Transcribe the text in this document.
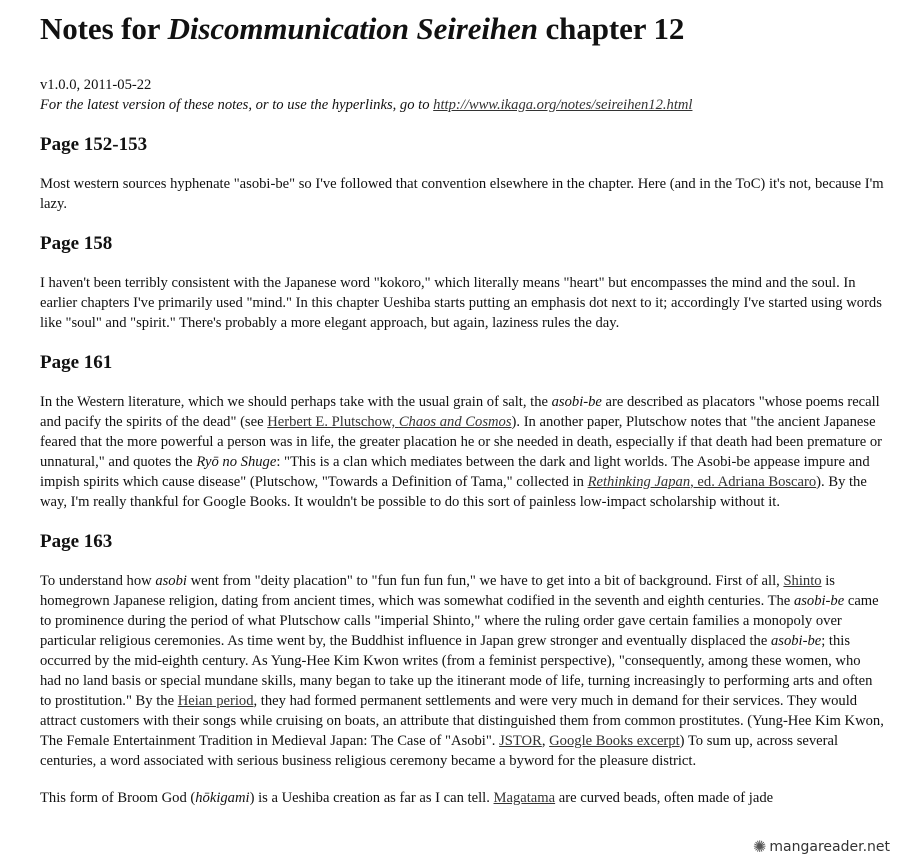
Notes for Discommunication Seireihen chapter 12
v1.0.0, 2011-05-22
For the latest version of these notes, or to use the hyperlinks, go to http://www.ikaga.org/notes/seireihen12.html
Page 152-153

Most western sources hyphenate "asobi-be" so I've followed that convention elsewhere in the chapter. Here (and in the ToC) it's not, because I'm lazy.

Page 158

I haven't been terribly consistent with the Japanese word "kokoro," which literally means "heart" but encompasses the mind and the soul. In earlier chapters I've primarily used "mind." In this chapter Ueshiba starts putting an emphasis dot next to it; accordingly I've started using words like "soul" and "spirit." There's probably a more elegant approach, but again, laziness rules the day.

Page 161

In the Western literature, which we should perhaps take with the usual grain of salt, the asobi-be are described as placators "whose poems recall and pacify the spirits of the dead" (see Herbert E. Plutschow, Chaos and Cosmos). In another paper, Plutschow notes that "the ancient Japanese feared that the more powerful a person was in life, the greater placation he or she needed in death, especially if that death had been premature or unnatural," and quotes the Ryō no Shuge: "This is a clan which mediates between the dark and light worlds. The Asobi-be appease impure and impish spirits which cause disease" (Plutschow, "Towards a Definition of Tama," collected in Rethinking Japan, ed. Adriana Boscaro). By the way, I'm really thankful for Google Books. It wouldn't be possible to do this sort of painless low-impact scholarship without it.

Page 163

To understand how asobi went from "deity placation" to "fun fun fun fun," we have to get into a bit of background. First of all, Shinto is homegrown Japanese religion, dating from ancient times, which was somewhat codified in the seventh and eighth centuries. The asobi-be came to prominence during the period of what Plutschow calls "imperial Shinto," where the ruling order gave certain families a monopoly over particular religious ceremonies. As time went by, the Buddhist influence in Japan grew stronger and eventually displaced the asobi-be; this occurred by the mid-eighth century. As Yung-Hee Kim Kwon writes (from a feminist perspective), "consequently, among these women, who had no land basis or special mundane skills, many began to take up the itinerant mode of life, turning increasingly to performing arts and often to prostitution." By the Heian period, they had formed permanent settlements and were very much in demand for their services. They would attract customers with their songs while cruising on boats, an attribute that distinguished them from common prostitutes. (Yung-Hee Kim Kwon, The Female Entertainment Tradition in Medieval Japan: The Case of "Asobi". JSTOR, Google Books excerpt) To sum up, across several centuries, a word associated with serious business religious ceremony became a byword for the pleasure district.

This form of Broom God (hōkigami) is a Ueshiba creation as far as I can tell. Magatama are curved beads, often made of jade

✺ mangareader.net
